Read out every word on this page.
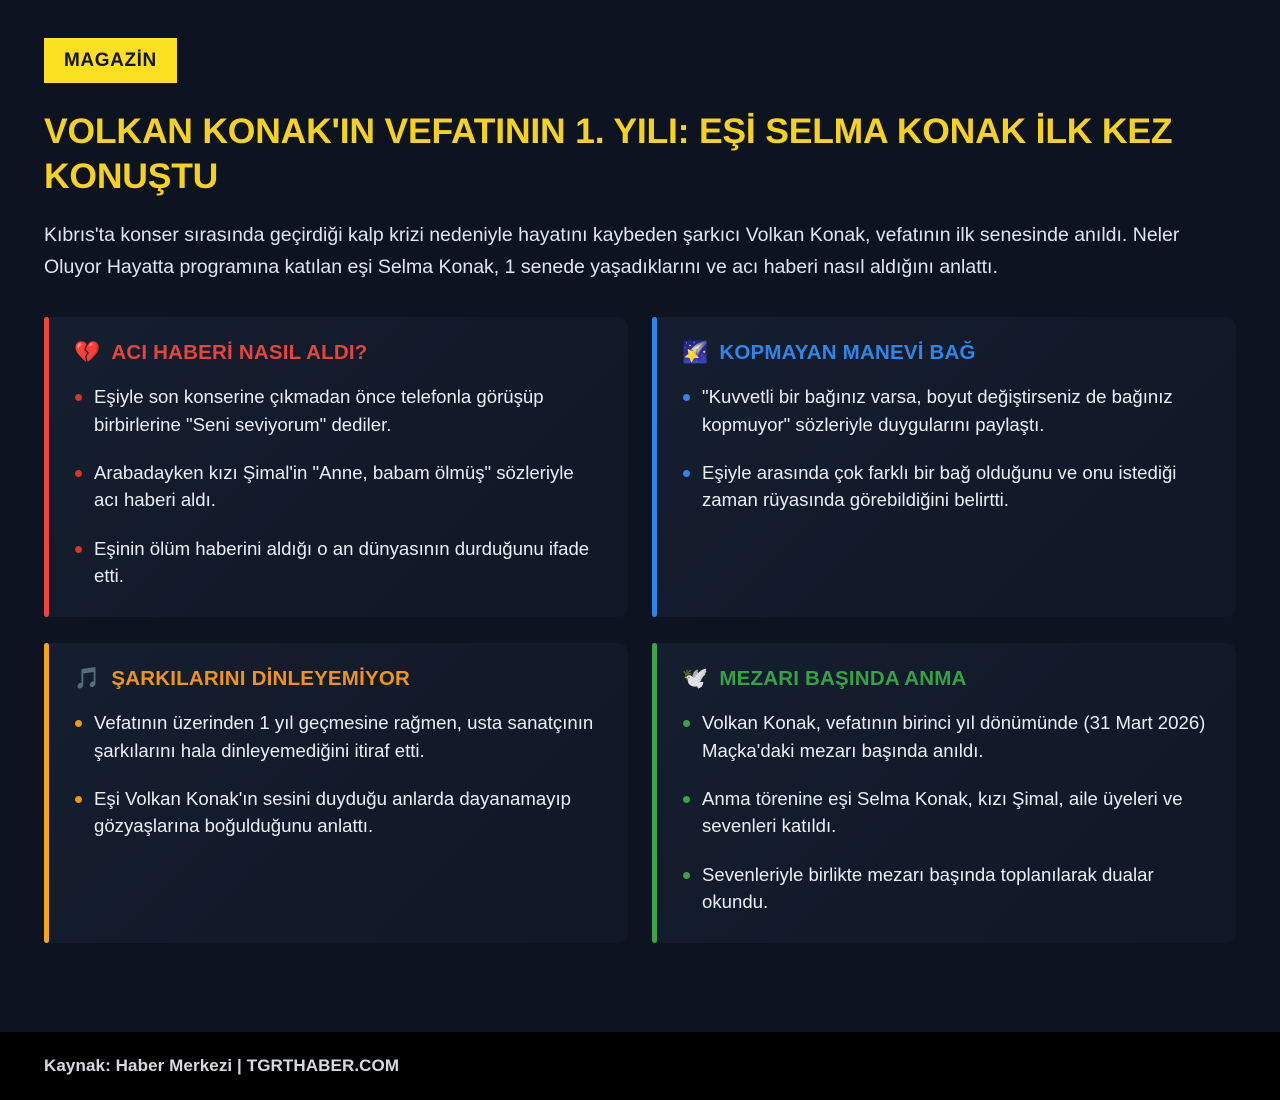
MAGAZİN
VOLKAN KONAK'IN VEFATININ 1. YILI: EŞİ SELMA KONAK İLK KEZ KONUŞTU

Kıbrıs'ta konser sırasında geçirdiği kalp krizi nedeniyle hayatını kaybeden şarkıcı Volkan Konak, vefatının ilk senesinde anıldı. Neler Oluyor Hayatta programına katılan eşi Selma Konak, 1 senede yaşadıklarını ve acı haberi nasıl aldığını anlattı.

💔 ACI HABERİ NASIL ALDI?
Eşiyle son konserine çıkmadan önce telefonla görüşüp birbirlerine "Seni seviyorum" dediler.
Arabadayken kızı Şimal'in "Anne, babam ölmüş" sözleriyle acı haberi aldı.
Eşinin ölüm haberini aldığı o an dünyasının durduğunu ifade etti.
🌠 KOPMAYAN MANEVİ BAĞ
"Kuvvetli bir bağınız varsa, boyut değiştirseniz de bağınız kopmuyor" sözleriyle duygularını paylaştı.
Eşiyle arasında çok farklı bir bağ olduğunu ve onu istediği zaman rüyasında görebildiğini belirtti.
🎵 ŞARKILARINI DİNLEYEMİYOR
Vefatının üzerinden 1 yıl geçmesine rağmen, usta sanatçının şarkılarını hala dinleyemediğini itiraf etti.
Eşi Volkan Konak'ın sesini duyduğu anlarda dayanamayıp gözyaşlarına boğulduğunu anlattı.
🕊️ MEZARI BAŞINDA ANMA
Volkan Konak, vefatının birinci yıl dönümünde (31 Mart 2026) Maçka'daki mezarı başında anıldı.
Anma törenine eşi Selma Konak, kızı Şimal, aile üyeleri ve sevenleri katıldı.
Sevenleriyle birlikte mezarı başında toplanılarak dualar okundu.
Kaynak: Haber Merkezi | TGRTHABER.COM
